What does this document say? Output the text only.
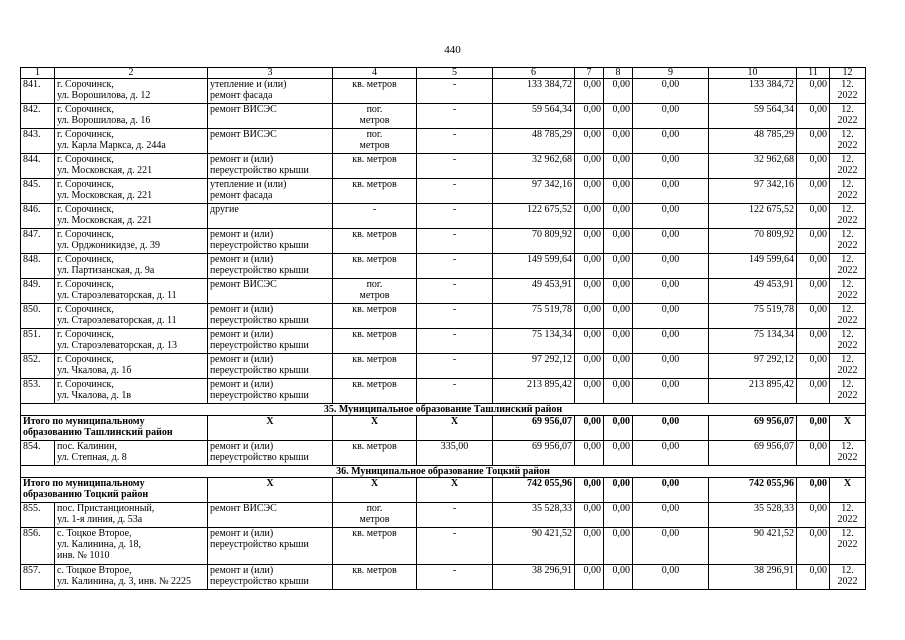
440
1	2	3	4	5	6	7	8	9	10	11	12	
841.	г. Сорочинск,
ул. Ворошилова, д. 12	утепление и (или)
ремонт фасада	кв. метров	-	133 384,72	0,00	0,00	0,00	133 384,72	0,00	12.
2022	
842.	г. Сорочинск,
ул. Ворошилова, д. 16	ремонт ВИСЭС	пог.
метров	-	59 564,34	0,00	0,00	0,00	59 564,34	0,00	12.
2022	
843.	г. Сорочинск,
ул. Карла Маркса, д. 244а	ремонт ВИСЭС	пог.
метров	-	48 785,29	0,00	0,00	0,00	48 785,29	0,00	12.
2022	
844.	г. Сорочинск,
ул. Московская, д. 221	ремонт и (или)
переустройство крыши	кв. метров	-	32 962,68	0,00	0,00	0,00	32 962,68	0,00	12.
2022	
845.	г. Сорочинск,
ул. Московская, д. 221	утепление и (или)
ремонт фасада	кв. метров	-	97 342,16	0,00	0,00	0,00	97 342,16	0,00	12.
2022	
846.	г. Сорочинск,
ул. Московская, д. 221	другие	-	-	122 675,52	0,00	0,00	0,00	122 675,52	0,00	12.
2022	
847.	г. Сорочинск,
ул. Орджоникидзе, д. 39	ремонт и (или)
переустройство крыши	кв. метров	-	70 809,92	0,00	0,00	0,00	70 809,92	0,00	12.
2022	
848.	г. Сорочинск,
ул. Партизанская, д. 9а	ремонт и (или)
переустройство крыши	кв. метров	-	149 599,64	0,00	0,00	0,00	149 599,64	0,00	12.
2022	
849.	г. Сорочинск,
ул. Староэлеваторская, д. 11	ремонт ВИСЭС	пог.
метров	-	49 453,91	0,00	0,00	0,00	49 453,91	0,00	12.
2022	
850.	г. Сорочинск,
ул. Староэлеваторская, д. 11	ремонт и (или)
переустройство крыши	кв. метров	-	75 519,78	0,00	0,00	0,00	75 519,78	0,00	12.
2022	
851.	г. Сорочинск,
ул. Староэлеваторская, д. 13	ремонт и (или)
переустройство крыши	кв. метров	-	75 134,34	0,00	0,00	0,00	75 134,34	0,00	12.
2022	
852.	г. Сорочинск,
ул. Чкалова, д. 1б	ремонт и (или)
переустройство крыши	кв. метров	-	97 292,12	0,00	0,00	0,00	97 292,12	0,00	12.
2022	
853.	г. Сорочинск,
ул. Чкалова, д. 1в	ремонт и (или)
переустройство крыши	кв. метров	-	213 895,42	0,00	0,00	0,00	213 895,42	0,00	12.
2022	
35. Муниципальное образование Ташлинский район												
Итого по муниципальному
образованию Ташлинский район		X	X	X	69 956,07	0,00	0,00	0,00	69 956,07	0,00	X	
854.	пос. Калинин,
ул. Степная, д. 8	ремонт и (или)
переустройство крыши	кв. метров	335,00	69 956,07	0,00	0,00	0,00	69 956,07	0,00	12.
2022	
36. Муниципальное образование Тоцкий район												
Итого по муниципальному
образованию Тоцкий район		X	X	X	742 055,96	0,00	0,00	0,00	742 055,96	0,00	X	
855.	пос. Пристанционный,
ул. 1-я линия, д. 53а	ремонт ВИСЭС	пог.
метров	-	35 528,33	0,00	0,00	0,00	35 528,33	0,00	12.
2022	
856.	с. Тоцкое Второе,
ул. Калинина, д. 18,
инв. № 1010	ремонт и (или)
переустройство крыши	кв. метров	-	90 421,52	0,00	0,00	0,00	90 421,52	0,00	12.
2022	
857.	с. Тоцкое Второе,
ул. Калинина, д. 3, инв. № 2225	ремонт и (или)
переустройство крыши	кв. метров	-	38 296,91	0,00	0,00	0,00	38 296,91	0,00	12.
2022	
